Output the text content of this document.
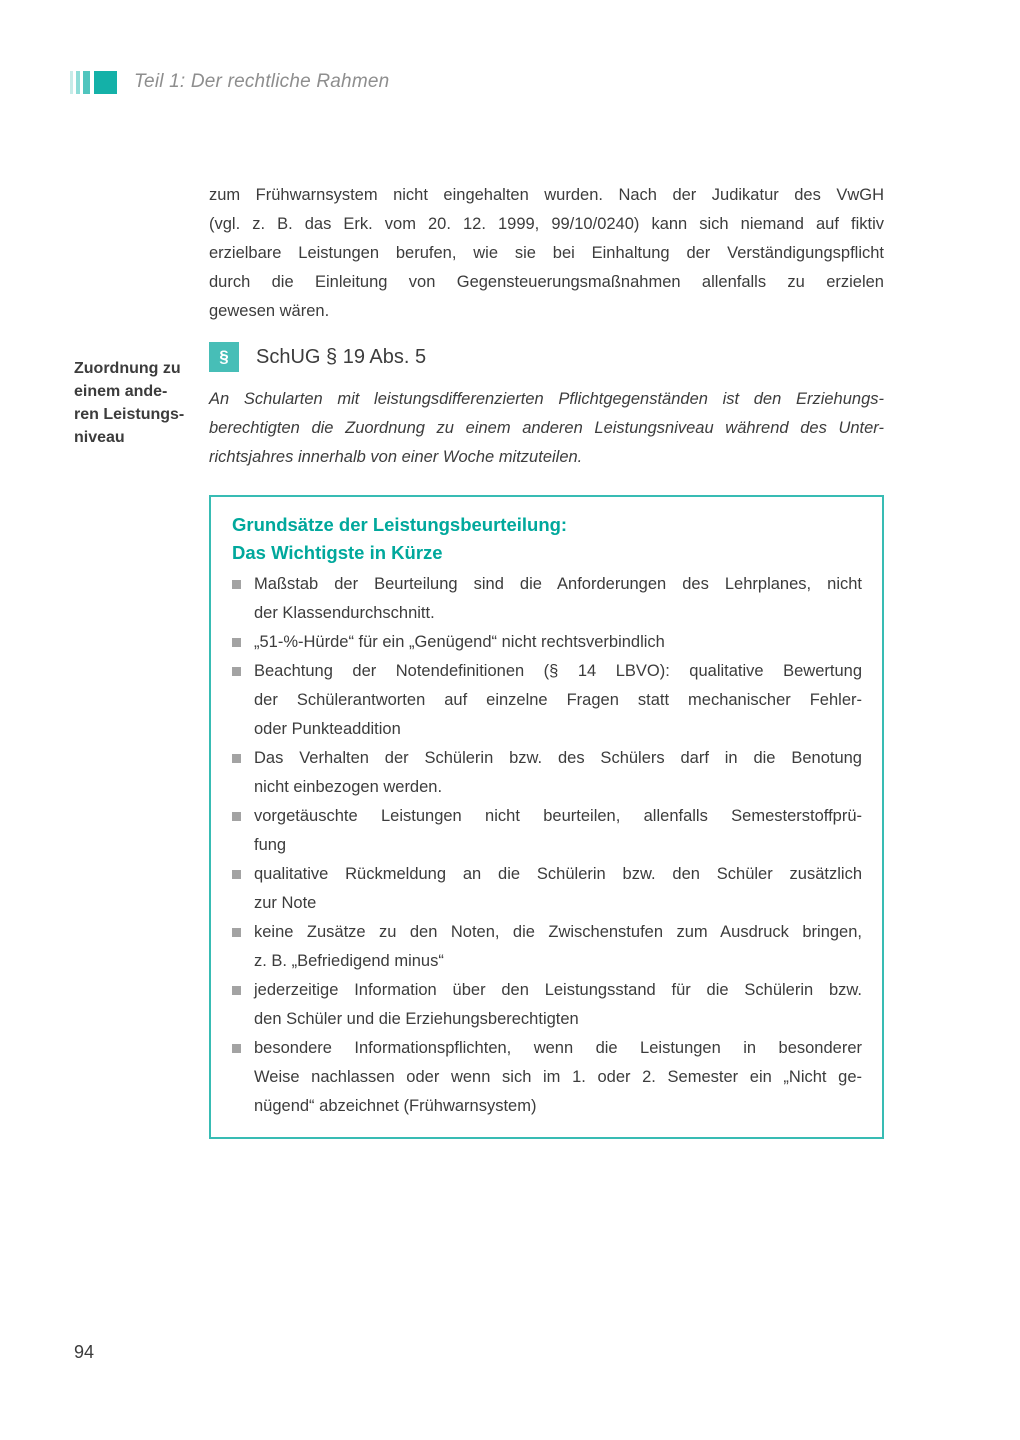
Teil 1: Der rechtliche Rahmen
zum Frühwarnsystem nicht eingehalten wurden. Nach der Judikatur des VwGH
(vgl. z. B. das Erk. vom 20. 12. 1999, 99/10/0240) kann sich niemand auf fiktiv
erzielbare Leistungen berufen, wie sie bei Einhaltung der Verständigungspflicht
durch die Einleitung von Gegensteuerungsmaßnahmen allenfalls zu erzielen
gewesen wären.
Zuordnung zu
einem ande-
ren Leistungs-
niveau
§ SchUG § 19 Abs. 5
An Schularten mit leistungsdifferenzierten Pflichtgegenständen ist den Erziehungs-
berechtigten die Zuordnung zu einem anderen Leistungsniveau während des Unter-
richtsjahres innerhalb von einer Woche mitzuteilen.
Grundsätze der Leistungsbeurteilung:
Das Wichtigste in Kürze
Maßstab der Beurteilung sind die Anforderungen des Lehrplanes, nicht
der Klassendurchschnitt.
„51-%-Hürde“ für ein „Genügend“ nicht rechtsverbindlich
Beachtung der Notendefinitionen (§ 14 LBVO): qualitative Bewertung
der Schülerantworten auf einzelne Fragen statt mechanischer Fehler-
oder Punkteaddition
Das Verhalten der Schülerin bzw. des Schülers darf in die Benotung
nicht einbezogen werden.
vorgetäuschte Leistungen nicht beurteilen, allenfalls Semesterstoffprü-
fung
qualitative Rückmeldung an die Schülerin bzw. den Schüler zusätzlich
zur Note
keine Zusätze zu den Noten, die Zwischenstufen zum Ausdruck bringen,
z. B. „Befriedigend minus“
jederzeitige Information über den Leistungsstand für die Schülerin bzw.
den Schüler und die Erziehungsberechtigten
besondere Informationspflichten, wenn die Leistungen in besonderer
Weise nachlassen oder wenn sich im 1. oder 2. Semester ein „Nicht ge-
nügend“ abzeichnet (Frühwarnsystem)
94
